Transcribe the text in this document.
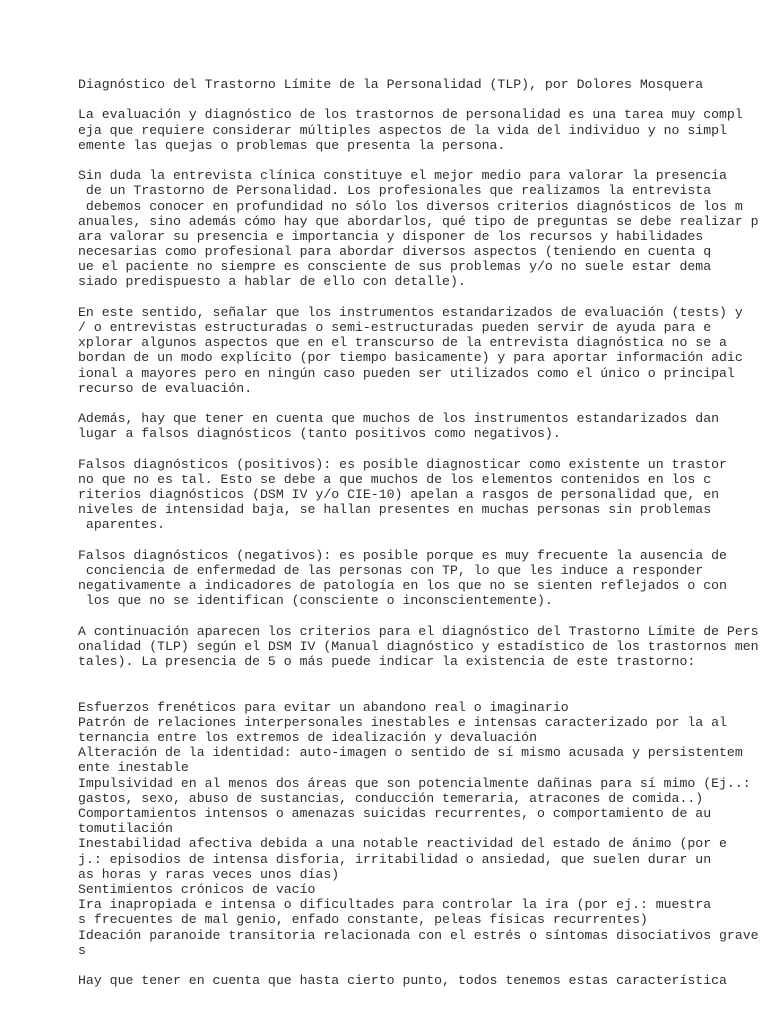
Diagnóstico del Trastorno Límite de la Personalidad (TLP), por Dolores Mosquera
La evaluación y diagnóstico de los trastornos de personalidad es una tarea muy compl
eja que requiere considerar múltiples aspectos de la vida del individuo y no simpl
emente las quejas o problemas que presenta la persona.
Sin duda la entrevista clínica constituye el mejor medio para valorar la presencia
de un Trastorno de Personalidad. Los profesionales que realizamos la entrevista
debemos conocer en profundidad no sólo los diversos criterios diagnósticos de los m
anuales, sino además cómo hay que abordarlos, qué tipo de preguntas se debe realizar p
ara valorar su presencia e importancia y disponer de los recursos y habilidades
necesarias como profesional para abordar diversos aspectos (teniendo en cuenta q
ue el paciente no siempre es consciente de sus problemas y/o no suele estar dema
siado predispuesto a hablar de ello con detalle).
En este sentido, señalar que los instrumentos estandarizados de evaluación (tests) y
/ o entrevistas estructuradas o semi-estructuradas pueden servir de ayuda para e
xplorar algunos aspectos que en el transcurso de la entrevista diagnóstica no se a
bordan de un modo explícito (por tiempo basicamente) y para aportar información adic
ional a mayores pero en ningún caso pueden ser utilizados como el único o principal
recurso de evaluación.
Además, hay que tener en cuenta que muchos de los instrumentos estandarizados dan
lugar a falsos diagnósticos (tanto positivos como negativos).
Falsos diagnósticos (positivos): es posible diagnosticar como existente un trastor
no que no es tal. Esto se debe a que muchos de los elementos contenidos en los c
riterios diagnósticos (DSM IV y/o CIE-10) apelan a rasgos de personalidad que, en
niveles de intensidad baja, se hallan presentes en muchas personas sin problemas
aparentes.
Falsos diagnósticos (negativos): es posible porque es muy frecuente la ausencia de
conciencia de enfermedad de las personas con TP, lo que les induce a responder
negativamente a indicadores de patología en los que no se sienten reflejados o con
los que no se identifican (consciente o inconscientemente).
A continuación aparecen los criterios para el diagnóstico del Trastorno Límite de Pers
onalidad (TLP) según el DSM IV (Manual diagnóstico y estadístico de los trastornos men
tales). La presencia de 5 o más puede indicar la existencia de este trastorno:
Esfuerzos frenéticos para evitar un abandono real o imaginario
Patrón de relaciones interpersonales inestables e intensas caracterizado por la al
ternancia entre los extremos de idealización y devaluación
Alteración de la identidad: auto-imagen o sentido de sí mismo acusada y persistentem
ente inestable
Impulsividad en al menos dos áreas que son potencialmente dañinas para sí mimo (Ej..:
gastos, sexo, abuso de sustancias, conducción temeraria, atracones de comida..)
Comportamientos intensos o amenazas suicidas recurrentes, o comportamiento de au
tomutilación
Inestabilidad afectiva debida a una notable reactividad del estado de ánimo (por e
j.: episodios de intensa disforia, irritabilidad o ansiedad, que suelen durar un
as horas y raras veces unos días)
Sentimientos crónicos de vacío
Ira inapropiada e intensa o dificultades para controlar la ira (por ej.: muestra
s frecuentes de mal genio, enfado constante, peleas físicas recurrentes)
Ideación paranoide transitoria relacionada con el estrés o síntomas disociativos grave
s
Hay que tener en cuenta que hasta cierto punto, todos tenemos estas característica
